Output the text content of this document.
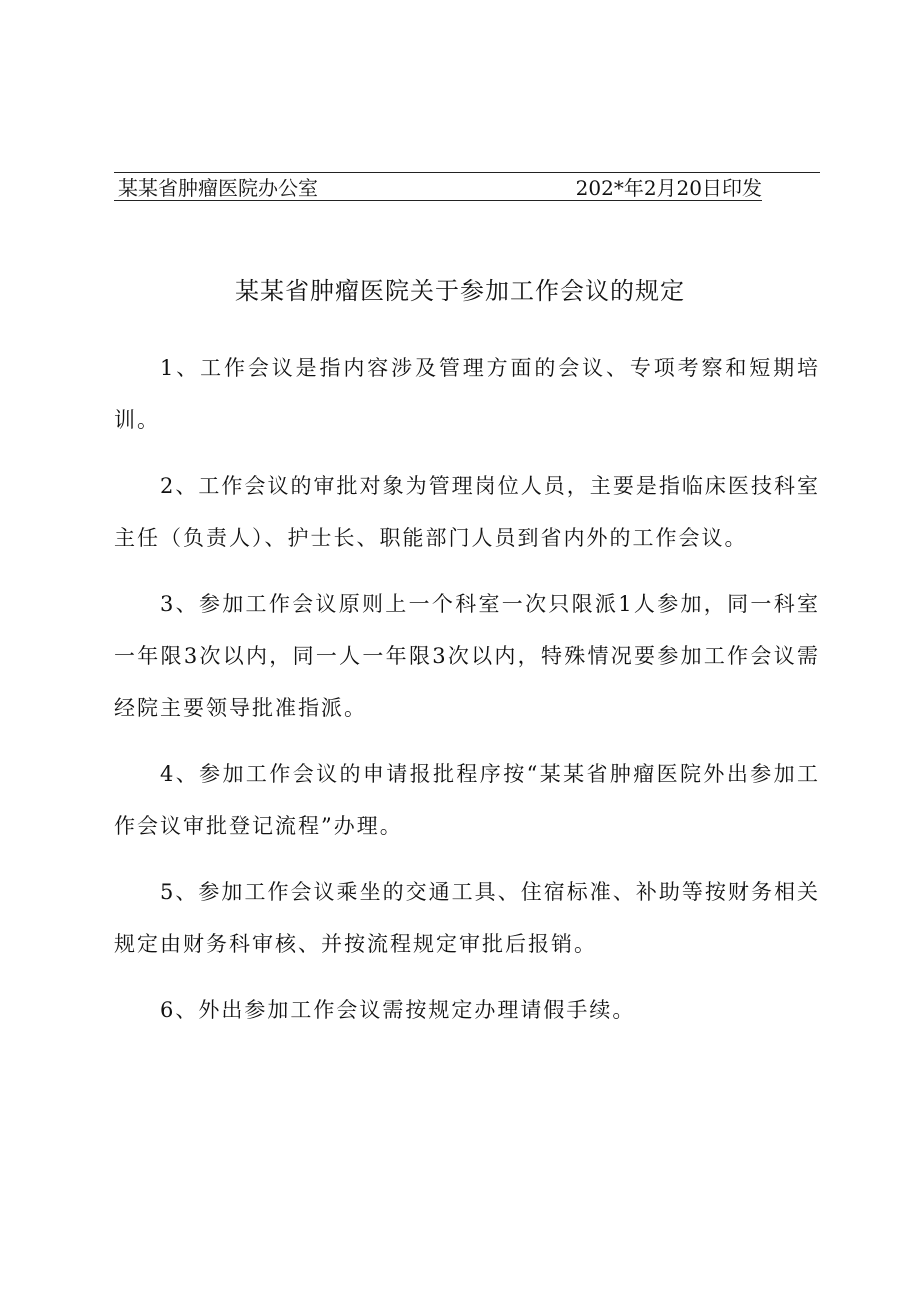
某某省肿瘤医院办公室	202*年2月20日印发
某某省肿瘤医院关于参加工作会议的规定

1、工作会议是指内容涉及管理方面的会议、专项考察和短期培训。

2、工作会议的审批对象为管理岗位人员，主要是指临床医技科室主任（负责人）、护士长、职能部门人员到省内外的工作会议。

3、参加工作会议原则上一个科室一次只限派1人参加，同一科室一年限3次以内，同一人一年限3次以内，特殊情况要参加工作会议需经院主要领导批准指派。

4、参加工作会议的申请报批程序按“某某省肿瘤医院外出参加工作会议审批登记流程”办理。

5、参加工作会议乘坐的交通工具、住宿标准、补助等按财务相关规定由财务科审核、并按流程规定审批后报销。

6、外出参加工作会议需按规定办理请假手续。
